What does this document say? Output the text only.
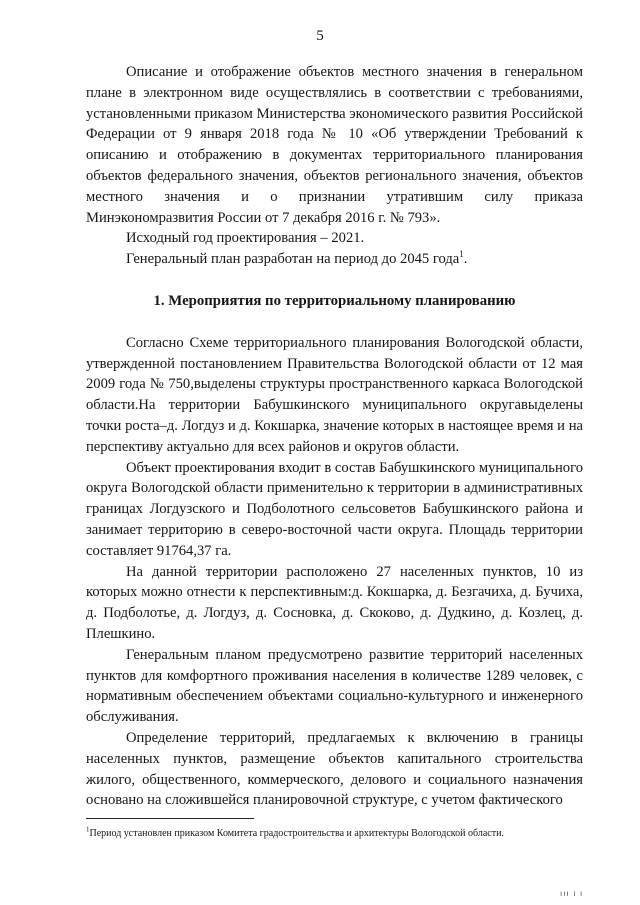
5

Описание и отображение объектов местного значения в генеральном плане в электронном виде осуществлялись в соответствии с требованиями, установленными приказом Министерства экономического развития Российской Федерации от 9 января 2018 года № 10 «Об утверждении Требований к описанию и отображению в документах территориального планирования объектов федерального значения, объектов регионального значения, объектов местного значения и о признании утратившим силу приказа Минэкономразвития России от 7 декабря 2016 г. № 793».

Исходный год проектирования – 2021.

Генеральный план разработан на период до 2045 года$^1$.

1. Мероприятия по территориальному планированию

Согласно Схеме территориального планирования Вологодской области, утвержденной постановлением Правительства Вологодской области от 12 мая 2009 года № 750,выделены структуры пространственного каркаса Вологодской области.На территории Бабушкинского муниципального округавыделены точки роста–д. Логдуз и д. Кокшарка, значение которых в настоящее время и на перспективу актуально для всех районов и округов области.

Объект проектирования входит в состав Бабушкинского муниципального округа Вологодской области применительно к территории в административных границах Логдузского и Подболотного сельсоветов Бабушкинского района и занимает территорию в северо-восточной части округа. Площадь территории составляет 91764,37 га.

На данной территории расположено 27 населенных пунктов, 10 из которых можно отнести к перспективным:д. Кокшарка, д. Безгачиха, д. Бучиха, д. Подболотье, д. Логдуз, д. Сосновка, д. Скоково, д. Дудкино, д. Козлец, д. Плешкино.

Генеральным планом предусмотрено развитие территорий населенных пунктов для комфортного проживания населения в количестве 1289 человек, с нормативным обеспечением объектами социально-культурного и инженерного обслуживания.

Определение территорий, предлагаемых к включению в границы населенных пунктов, размещение объектов капитального строительства жилого, общественного, коммерческого, делового и социального назначения основано на сложившейся планировочной структуре, с учетом фактического

$^1$Период установлен приказом Комитета градостроительства и архитектуры Вологодской области.
ııı ı ı
